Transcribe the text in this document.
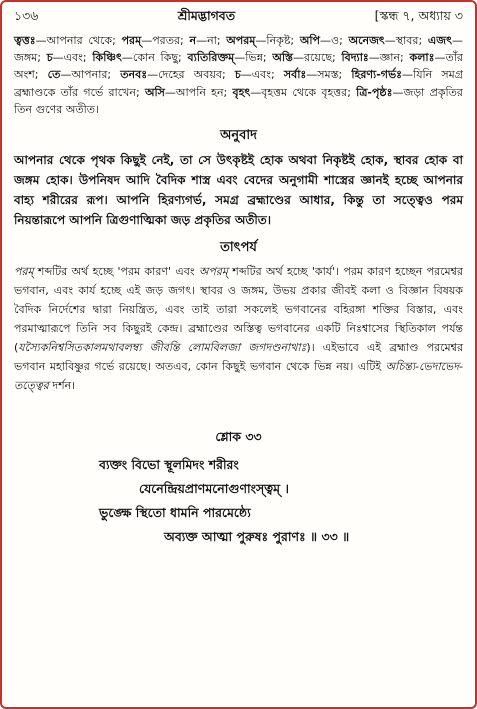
১৩৬	শ্রীমদ্ভাগবত	[স্কন্ধ ৭, অধ্যায় ৩
ত্বত্তঃ—আপনার থেকে; পরম্—পরতর; ন—না; অপরম্—নিকৃষ্ট; অপি—ও; অনেজৎ—স্থাবর; এজৎ—জঙ্গম; চ—এবং; কিঞ্চিৎ—কোন কিছু; ব্যতিরিক্তম্—ভিন্ন; অস্তি—রয়েছে; বিদ্যাঃ—জ্ঞান; কলাঃ—তাঁর অংশ; তে—আপনার; তনবঃ—দেহের অবয়ব; চ—এবং; সর্বাঃ—সমস্ত; হিরণ্য-গর্ভঃ—যিনি সমগ্র ব্রহ্মাণ্ডকে তাঁর গর্ভে রাখেন; অসি—আপনি হন; বৃহৎ—বৃহত্তম থেকে বৃহত্তর; ত্রি-পৃষ্ঠঃ—জড়া প্রকৃতির তিন গুণের অতীত।
অনুবাদ

আপনার থেকে পৃথক কিছুই নেই, তা সে উৎকৃষ্টই হোক অথবা নিকৃষ্টই হোক, স্থাবর হোক বা জঙ্গম হোক। উপনিষদ আদি বৈদিক শাস্ত্র এবং বেদের অনুগামী শাস্ত্রের জ্ঞানই হচ্ছে আপনার বাহ্য শরীরের রূপ। আপনি হিরণ্যগর্ভ, সমগ্র ব্রহ্মাণ্ডের আধার, কিন্তু তা সত্ত্বেও পরম নিয়ন্তারূপে আপনি ত্রিগুণাত্মিকা জড় প্রকৃতির অতীত।

তাৎপর্য

পরম্ শব্দটির অর্থ হচ্ছে 'পরম কারণ' এবং অপরম্ শব্দটির অর্থ হচ্ছে 'কার্য'। পরম কারণ হচ্ছেন পরমেশ্বর ভগবান, এবং কার্য হচ্ছে এই জড় জগৎ। স্থাবর ও জঙ্গম, উভয় প্রকার জীবই কলা ও বিজ্ঞান বিষয়ক বৈদিক নির্দেশের দ্বারা নিয়ন্ত্রিত, এবং তাই তারা সকলেই ভগবানের বহিরঙ্গা শক্তির বিস্তার, এবং পরমাত্মারূপে তিনি সব কিছুরই কেন্দ্র। ব্রহ্মাণ্ডের অস্তিত্ব ভগবানের একটি নিঃশ্বাসের স্থিতিকাল পর্যন্ত (যস্যৈকনিশ্বসিতকালমথাবলম্ব্য জীবন্তি লোমবিলজা জগদণ্ডনাথাঃ)। এইভাবে এই ব্রহ্মাণ্ড পরমেশ্বর ভগবান মহাবিষ্ণুর গর্ভে রয়েছে। অতএব, কোন কিছুই ভগবান থেকে ভিন্ন নয়। এটিই অচিন্ত্য-ভেদাভেদ-তত্ত্বের দর্শন।

শ্লোক ৩৩
ব্যক্তং বিভো স্থূলমিদং শরীরং
যেনেন্দ্রিয়প্রাণমনোগুণাংস্ত্বম্ ।
ভুঙ্ক্ষে স্থিতো ধামনি পারমেষ্ঠ্যে
অব্যক্ত আত্মা পুরুষঃ পুরাণঃ ॥ ৩৩ ॥
